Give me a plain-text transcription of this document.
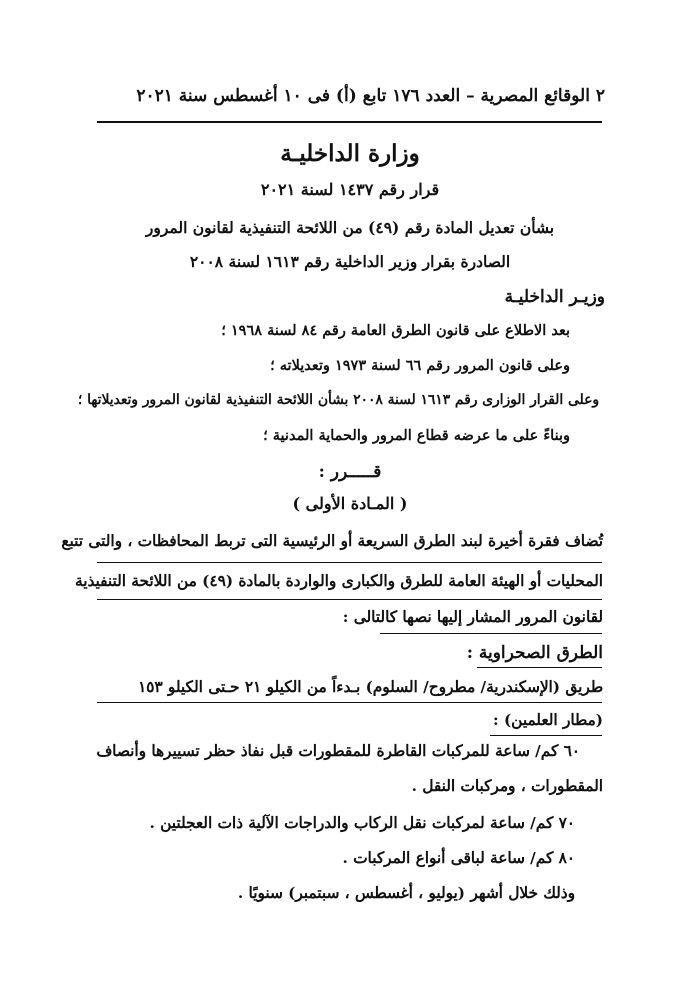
٢ الوقائع المصرية – العدد ١٧٦ تابع (أ) فى ١٠ أغسطس سنة ٢٠٢١
وزارة الداخليـة
قرار رقم ١٤٣٧ لسنة ٢٠٢١
بشأن تعديل المادة رقم (٤٩) من اللائحة التنفيذية لقانون المرور
الصادرة بقرار وزير الداخلية رقم ١٦١٣ لسنة ٢٠٠٨
وزيـر الداخليـة
بعد الاطلاع على قانون الطرق العامة رقم ٨٤ لسنة ١٩٦٨ ؛
وعلى قانون المرور رقم ٦٦ لسنة ١٩٧٣ وتعديلاته ؛
وعلى القرار الوزارى رقم ١٦١٣ لسنة ٢٠٠٨ بشأن اللائحة التنفيذية لقانون المرور وتعديلاتها ؛
وبناءً على ما عرضه قطاع المرور والحماية المدنية ؛
قـــــرر :
( المـادة الأولى )
تُضاف فقرة أخيرة لبند الطرق السريعة أو الرئيسية التى تربط المحافظات ، والتى تتبع
المحليات أو الهيئة العامة للطرق والكبارى والواردة بالمادة (٤٩) من اللائحة التنفيذية
لقانون المرور المشار إليها نصها كالتالى :
الطرق الصحراوية :
طريق (الإسكندرية/ مطروح/ السلوم) بـدءاً من الكيلو ٢١ حـتى الكيلو ١٥٣
(مطار العلمين) :
٦٠ كم/ ساعة للمركبات القاطرة للمقطورات قبل نفاذ حظر تسييرها وأنصاف
المقطورات ، ومركبات النقل .
٧٠ كم/ ساعة لمركبات نقل الركاب والدراجات الآلية ذات العجلتين .
٨٠ كم/ ساعة لباقى أنواع المركبات .
وذلك خلال أشهر (يوليو ، أغسطس ، سبتمبر) سنويًا .
